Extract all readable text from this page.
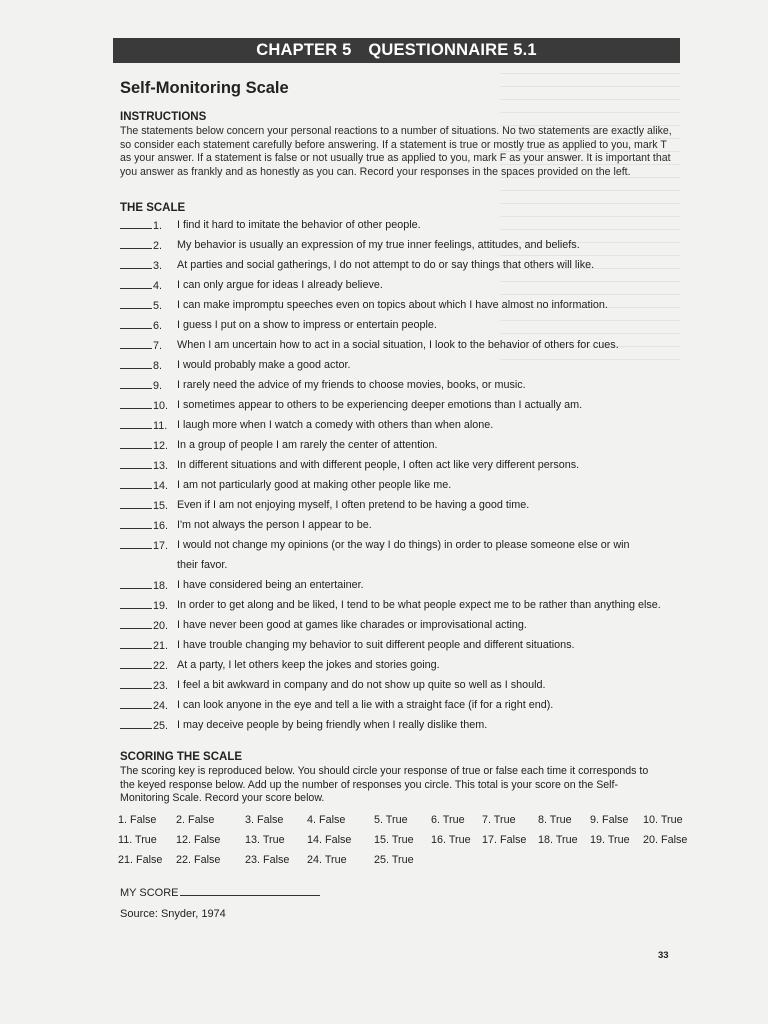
CHAPTER 5 QUESTIONNAIRE 5.1
Self-Monitoring Scale
INSTRUCTIONS
The statements below concern your personal reactions to a number of situations. No two statements are exactly alike, so consider each statement carefully before answering. If a statement is true or mostly true as applied to you, mark T as your answer. If a statement is false or not usually true as applied to you, mark F as your answer. It is important that you answer as frankly and as honestly as you can. Record your responses in the spaces provided on the left.
THE SCALE
1. I find it hard to imitate the behavior of other people.
2. My behavior is usually an expression of my true inner feelings, attitudes, and beliefs.
3. At parties and social gatherings, I do not attempt to do or say things that others will like.
4. I can only argue for ideas I already believe.
5. I can make impromptu speeches even on topics about which I have almost no information.
6. I guess I put on a show to impress or entertain people.
7. When I am uncertain how to act in a social situation, I look to the behavior of others for cues.
8. I would probably make a good actor.
9. I rarely need the advice of my friends to choose movies, books, or music.
10. I sometimes appear to others to be experiencing deeper emotions than I actually am.
11. I laugh more when I watch a comedy with others than when alone.
12. In a group of people I am rarely the center of attention.
13. In different situations and with different people, I often act like very different persons.
14. I am not particularly good at making other people like me.
15. Even if I am not enjoying myself, I often pretend to be having a good time.
16. I'm not always the person I appear to be.
17. I would not change my opinions (or the way I do things) in order to please someone else or win
their favor.
18. I have considered being an entertainer.
19. In order to get along and be liked, I tend to be what people expect me to be rather than anything else.
20. I have never been good at games like charades or improvisational acting.
21. I have trouble changing my behavior to suit different people and different situations.
22. At a party, I let others keep the jokes and stories going.
23. I feel a bit awkward in company and do not show up quite so well as I should.
24. I can look anyone in the eye and tell a lie with a straight face (if for a right end).
25. I may deceive people by being friendly when I really dislike them.
SCORING THE SCALE
The scoring key is reproduced below. You should circle your response of true or false each time it corresponds to the keyed response below. Add up the number of responses you circle. This total is your score on the Self-Monitoring Scale. Record your score below.
1. False 2. False	3. False 4. False	5. True 6. True 7. True 8. True 9. False 10. True
11. True 12. False 13. True 14. False 15. True 16. True 17. False 18. True 19. True 20. False
21. False 22. False 23. False 24. True	25. True
MY SCORE
Source: Snyder, 1974
33
